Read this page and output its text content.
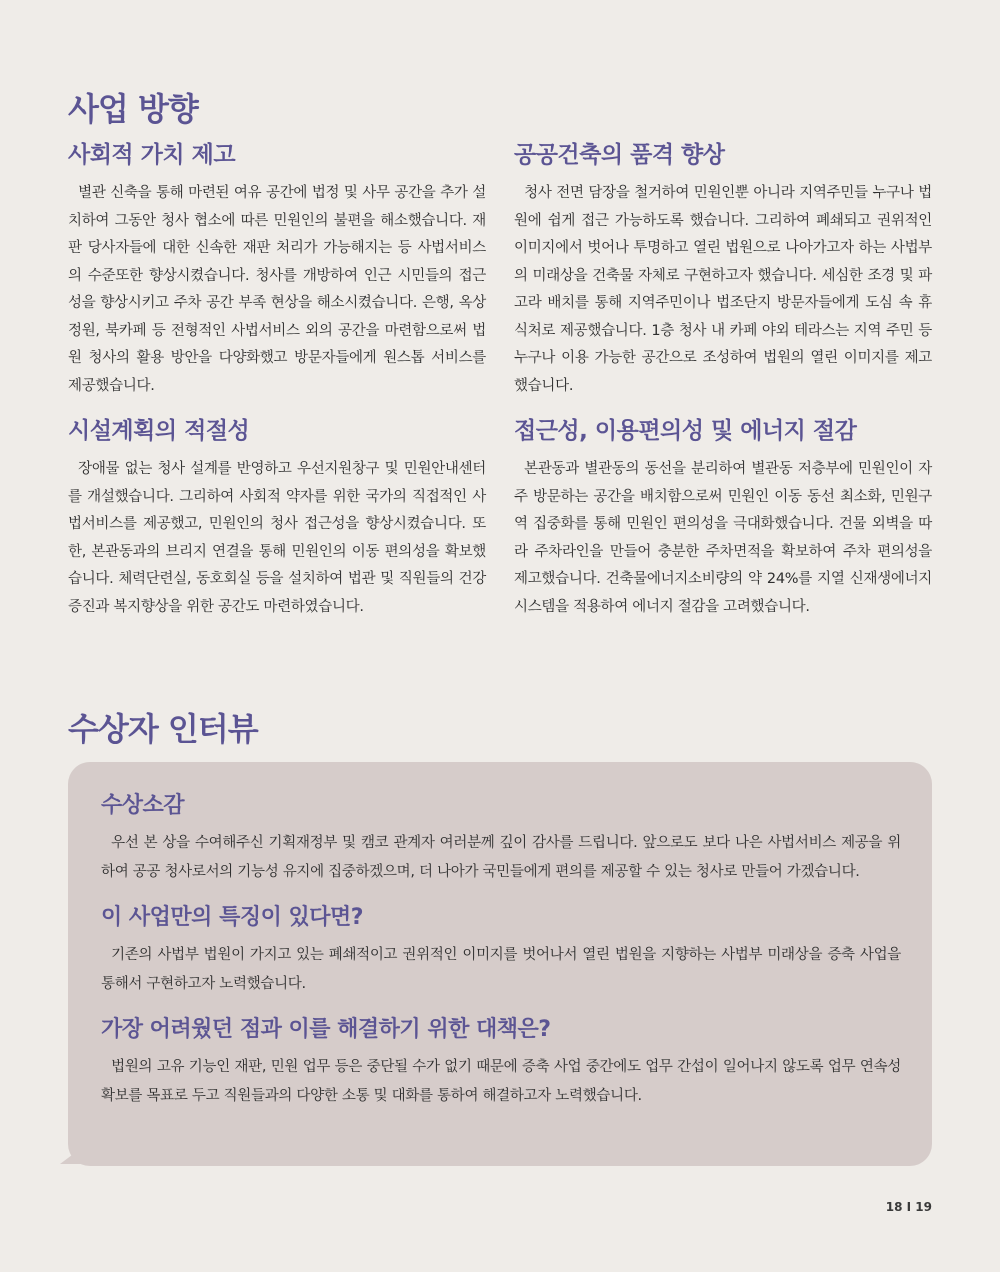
사업 방향
사회적 가치 제고

별관 신축을 통해 마련된 여유 공간에 법정 및 사무 공간을 추가 설치하여 그동안 청사 협소에 따른 민원인의 불편을 해소했습니다. 재판 당사자들에 대한 신속한 재판 처리가 가능해지는 등 사법서비스의 수준또한 향상시켰습니다. 청사를 개방하여 인근 시민들의 접근성을 향상시키고 주차 공간 부족 현상을 해소시켰습니다. 은행, 옥상정원, 북카페 등 전형적인 사법서비스 외의 공간을 마련함으로써 법원 청사의 활용 방안을 다양화했고 방문자들에게 원스톱 서비스를 제공했습니다.

공공건축의 품격 향상

청사 전면 담장을 철거하여 민원인뿐 아니라 지역주민들 누구나 법원에 쉽게 접근 가능하도록 했습니다. 그리하여 폐쇄되고 권위적인 이미지에서 벗어나 투명하고 열린 법원으로 나아가고자 하는 사법부의 미래상을 건축물 자체로 구현하고자 했습니다. 세심한 조경 및 파고라 배치를 통해 지역주민이나 법조단지 방문자들에게 도심 속 휴식처로 제공했습니다. 1층 청사 내 카페 야외 테라스는 지역 주민 등 누구나 이용 가능한 공간으로 조성하여 법원의 열린 이미지를 제고했습니다.

시설계획의 적절성

장애물 없는 청사 설계를 반영하고 우선지원창구 및 민원안내센터를 개설했습니다. 그리하여 사회적 약자를 위한 국가의 직접적인 사법서비스를 제공했고, 민원인의 청사 접근성을 향상시켰습니다. 또한, 본관동과의 브리지 연결을 통해 민원인의 이동 편의성을 확보했습니다. 체력단련실, 동호회실 등을 설치하여 법관 및 직원들의 건강증진과 복지향상을 위한 공간도 마련하였습니다.

접근성, 이용편의성 및 에너지 절감

본관동과 별관동의 동선을 분리하여 별관동 저층부에 민원인이 자주 방문하는 공간을 배치함으로써 민원인 이동 동선 최소화, 민원구역 집중화를 통해 민원인 편의성을 극대화했습니다. 건물 외벽을 따라 주차라인을 만들어 충분한 주차면적을 확보하여 주차 편의성을 제고했습니다. 건축물에너지소비량의 약 24%를 지열 신재생에너지시스템을 적용하여 에너지 절감을 고려했습니다.

수상자 인터뷰
수상소감

우선 본 상을 수여해주신 기획재정부 및 캠코 관계자 여러분께 깊이 감사를 드립니다. 앞으로도 보다 나은 사법서비스 제공을 위하여 공공 청사로서의 기능성 유지에 집중하겠으며, 더 나아가 국민들에게 편의를 제공할 수 있는 청사로 만들어 가겠습니다.

이 사업만의 특징이 있다면?

기존의 사법부 법원이 가지고 있는 폐쇄적이고 권위적인 이미지를 벗어나서 열린 법원을 지향하는 사법부 미래상을 증축 사업을 통해서 구현하고자 노력했습니다.

가장 어려웠던 점과 이를 해결하기 위한 대책은?

법원의 고유 기능인 재판, 민원 업무 등은 중단될 수가 없기 때문에 증축 사업 중간에도 업무 간섭이 일어나지 않도록 업무 연속성 확보를 목표로 두고 직원들과의 다양한 소통 및 대화를 통하여 해결하고자 노력했습니다.

18 I 19
